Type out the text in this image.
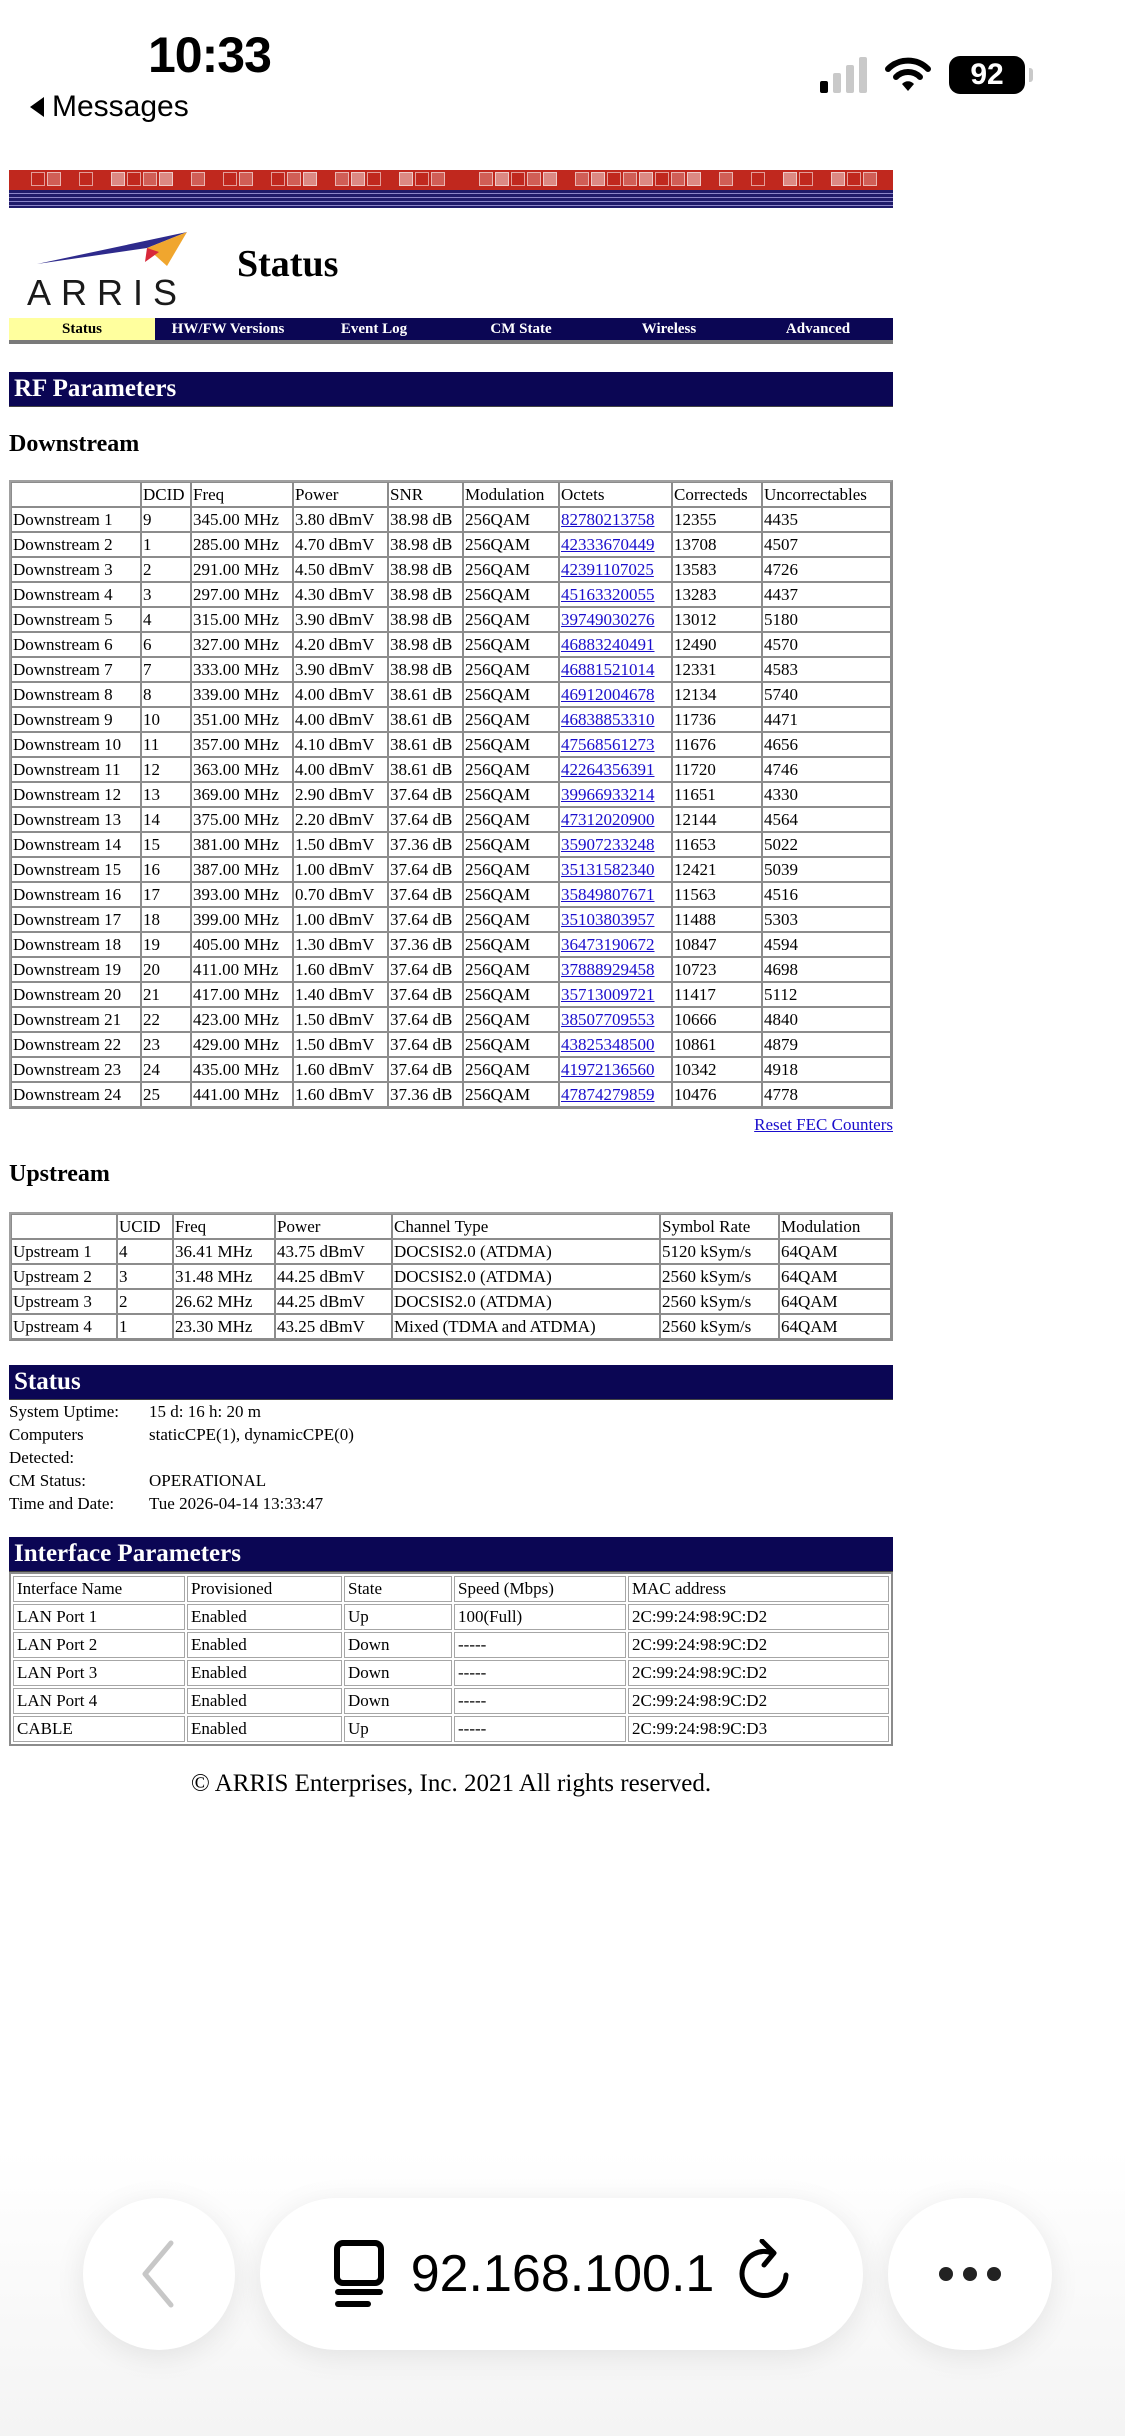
10:33
Messages
92
ARRIS
Status
Status	HW/FW Versions	Event Log	CM State	Wireless	Advanced
RF Parameters
Downstream
	DCID	Freq	Power	SNR	Modulation	Octets	Correcteds	Uncorrectables
Downstream 1	9	345.00 MHz	3.80 dBmV	38.98 dB	256QAM	82780213758	12355	4435
Downstream 2	1	285.00 MHz	4.70 dBmV	38.98 dB	256QAM	42333670449	13708	4507
Downstream 3	2	291.00 MHz	4.50 dBmV	38.98 dB	256QAM	42391107025	13583	4726
Downstream 4	3	297.00 MHz	4.30 dBmV	38.98 dB	256QAM	45163320055	13283	4437
Downstream 5	4	315.00 MHz	3.90 dBmV	38.98 dB	256QAM	39749030276	13012	5180
Downstream 6	6	327.00 MHz	4.20 dBmV	38.98 dB	256QAM	46883240491	12490	4570
Downstream 7	7	333.00 MHz	3.90 dBmV	38.98 dB	256QAM	46881521014	12331	4583
Downstream 8	8	339.00 MHz	4.00 dBmV	38.61 dB	256QAM	46912004678	12134	5740
Downstream 9	10	351.00 MHz	4.00 dBmV	38.61 dB	256QAM	46838853310	11736	4471
Downstream 10	11	357.00 MHz	4.10 dBmV	38.61 dB	256QAM	47568561273	11676	4656
Downstream 11	12	363.00 MHz	4.00 dBmV	38.61 dB	256QAM	42264356391	11720	4746
Downstream 12	13	369.00 MHz	2.90 dBmV	37.64 dB	256QAM	39966933214	11651	4330
Downstream 13	14	375.00 MHz	2.20 dBmV	37.64 dB	256QAM	47312020900	12144	4564
Downstream 14	15	381.00 MHz	1.50 dBmV	37.36 dB	256QAM	35907233248	11653	5022
Downstream 15	16	387.00 MHz	1.00 dBmV	37.64 dB	256QAM	35131582340	12421	5039
Downstream 16	17	393.00 MHz	0.70 dBmV	37.64 dB	256QAM	35849807671	11563	4516
Downstream 17	18	399.00 MHz	1.00 dBmV	37.64 dB	256QAM	35103803957	11488	5303
Downstream 18	19	405.00 MHz	1.30 dBmV	37.36 dB	256QAM	36473190672	10847	4594
Downstream 19	20	411.00 MHz	1.60 dBmV	37.64 dB	256QAM	37888929458	10723	4698
Downstream 20	21	417.00 MHz	1.40 dBmV	37.64 dB	256QAM	35713009721	11417	5112
Downstream 21	22	423.00 MHz	1.50 dBmV	37.64 dB	256QAM	38507709553	10666	4840
Downstream 22	23	429.00 MHz	1.50 dBmV	37.64 dB	256QAM	43825348500	10861	4879
Downstream 23	24	435.00 MHz	1.60 dBmV	37.64 dB	256QAM	41972136560	10342	4918
Downstream 24	25	441.00 MHz	1.60 dBmV	37.36 dB	256QAM	47874279859	10476	4778
Reset FEC Counters
Upstream
	UCID	Freq	Power	Channel Type	Symbol Rate	Modulation
Upstream 1	4	36.41 MHz	43.75 dBmV	DOCSIS2.0 (ATDMA)	5120 kSym/s	64QAM
Upstream 2	3	31.48 MHz	44.25 dBmV	DOCSIS2.0 (ATDMA)	2560 kSym/s	64QAM
Upstream 3	2	26.62 MHz	44.25 dBmV	DOCSIS2.0 (ATDMA)	2560 kSym/s	64QAM
Upstream 4	1	23.30 MHz	43.25 dBmV	Mixed (TDMA and ATDMA)	2560 kSym/s	64QAM
Status
System Uptime:	15 d: 16 h: 20 m
Computers Detected:
staticCPE(1), dynamicCPE(0)
CM Status:	OPERATIONAL
Time and Date:	Tue 2026-04-14 13:33:47
Interface Parameters
Interface Name	Provisioned	State	Speed (Mbps)	MAC address
LAN Port 1	Enabled	Up	100(Full)	2C:99:24:98:9C:D2
LAN Port 2	Enabled	Down	-----	2C:99:24:98:9C:D2
LAN Port 3	Enabled	Down	-----	2C:99:24:98:9C:D2
LAN Port 4	Enabled	Down	-----	2C:99:24:98:9C:D2
CABLE	Enabled	Up	-----	2C:99:24:98:9C:D3
© ARRIS Enterprises, Inc. 2021 All rights reserved.
92.168.100.1
